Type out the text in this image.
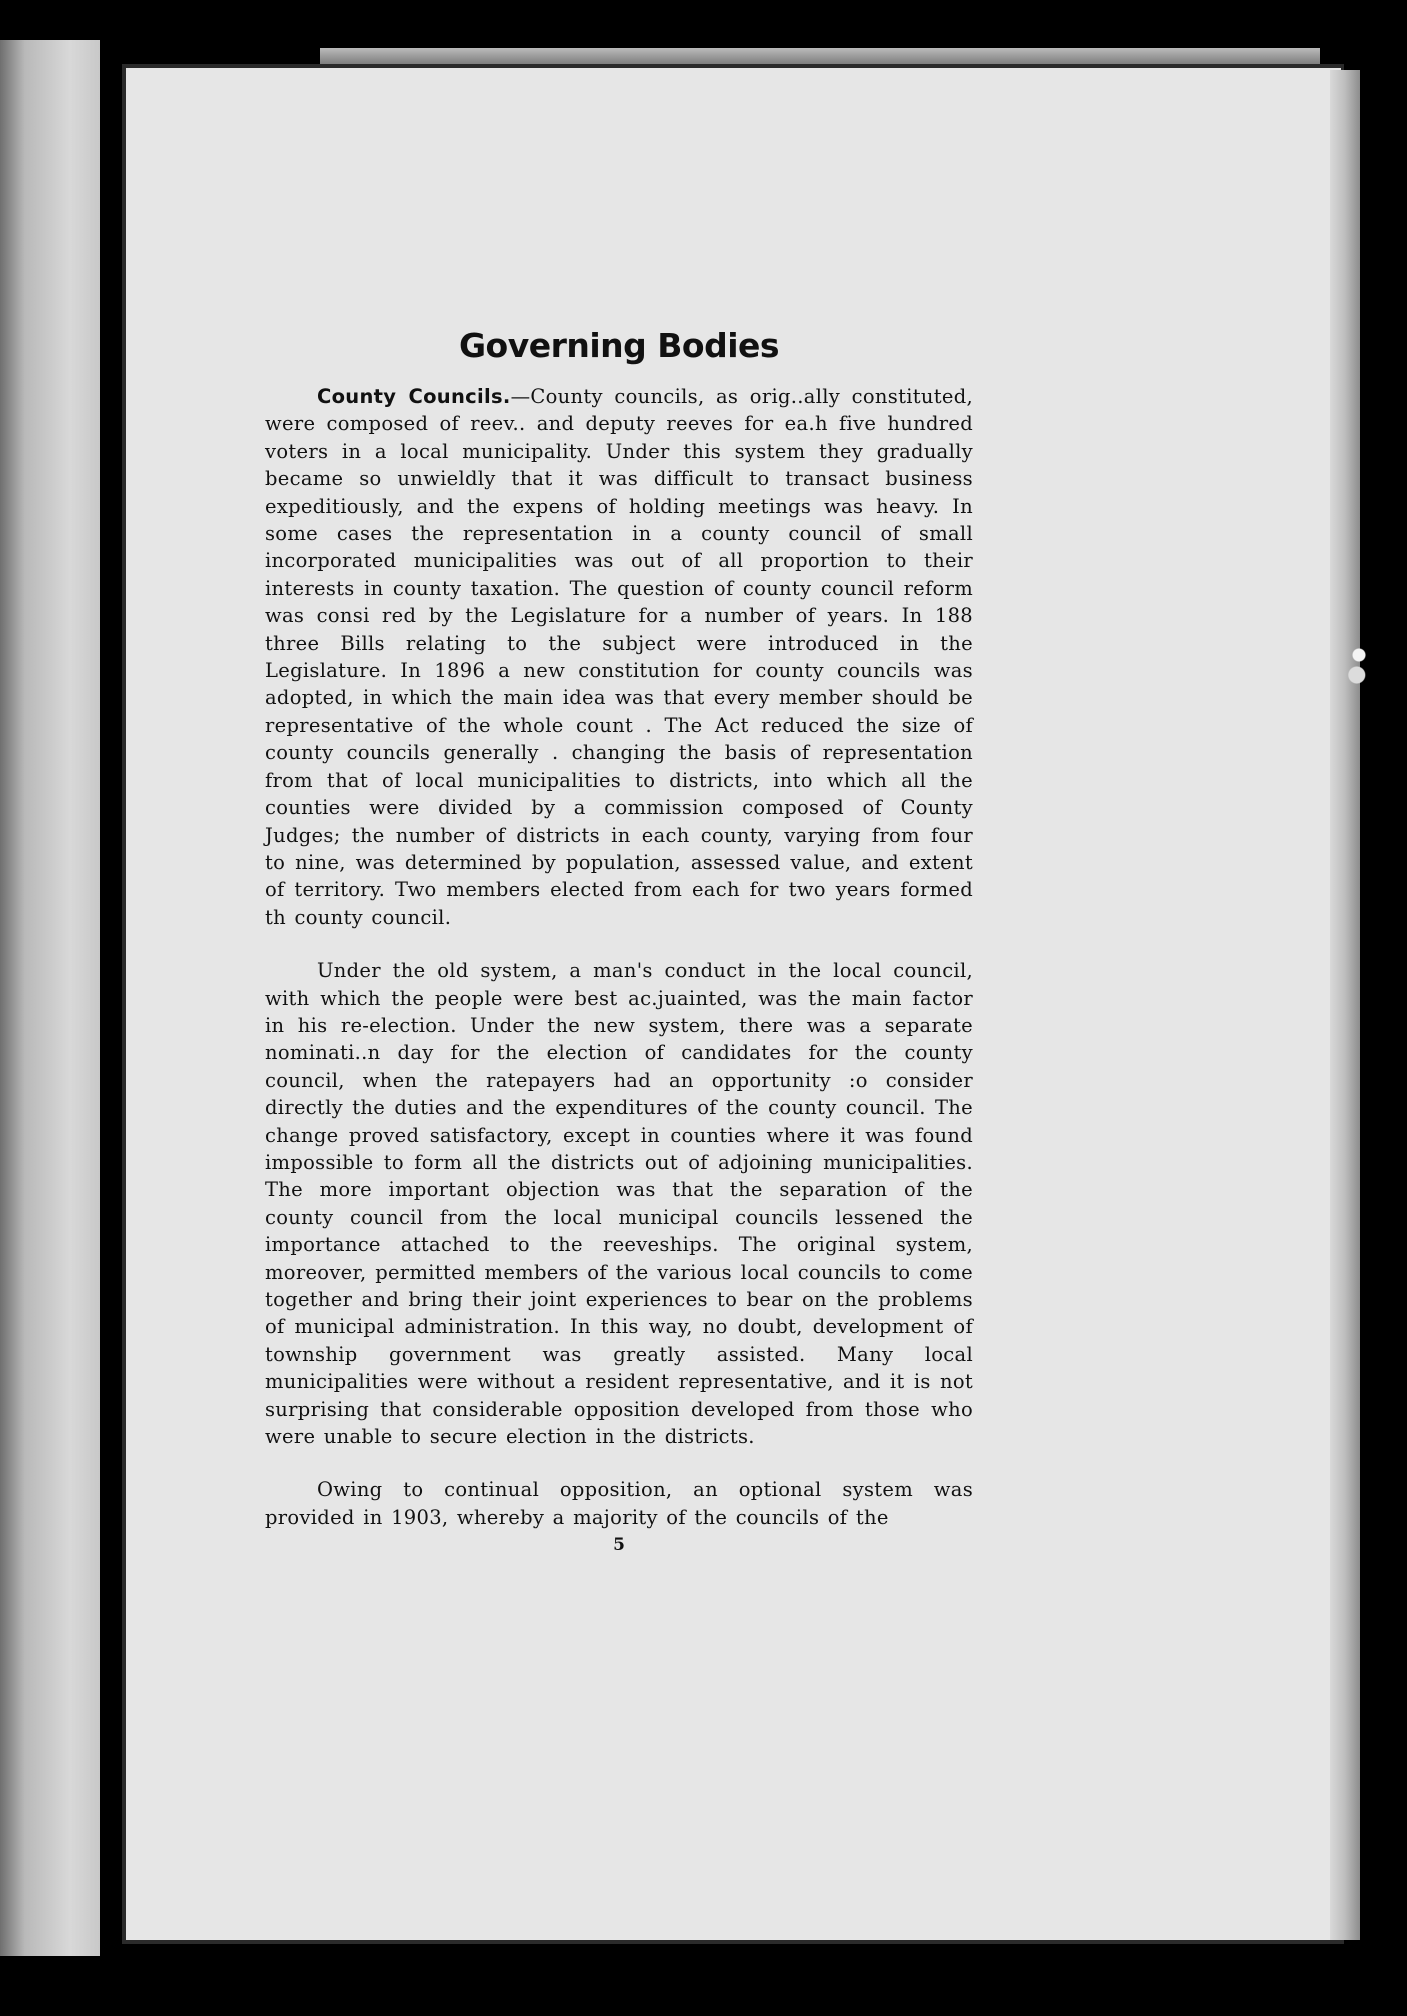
Governing Bodies

County Councils.—County councils, as orig..ally constituted, were composed of reev.. and deputy reeves for ea.h five hundred voters in a local municipality. Under this system they gradually became so unwieldly that it was difficult to transact business expeditiously, and the expens of holding meetings was heavy. In some cases the representation in a county council of small incorporated municipalities was out of all proportion to their interests in county taxation. The question of county council reform was consi red by the Legislature for a number of years. In 188 three Bills relating to the subject were introduced in the Legislature. In 1896 a new constitution for county councils was adopted, in which the main idea was that every member should be representative of the whole count . The Act reduced the size of county councils generally . changing the basis of representation from that of local municipalities to districts, into which all the counties were divided by a commission composed of County Judges; the number of districts in each county, varying from four to nine, was determined by population, assessed value, and extent of territory. Two members elected from each for two years formed th county council.

Under the old system, a man's conduct in the local council, with which the people were best ac.juainted, was the main factor in his re-election. Under the new system, there was a separate nominati..n day for the election of candidates for the county council, when the ratepayers had an opportunity :o consider directly the duties and the expenditures of the county council. The change proved satisfactory, except in counties where it was found impossible to form all the districts out of adjoining municipalities. The more important objection was that the separation of the county council from the local municipal councils lessened the importance attached to the reeveships. The original system, moreover, permitted members of the various local councils to come together and bring their joint experiences to bear on the problems of municipal administration. In this way, no doubt, development of township government was greatly assisted. Many local municipalities were without a resident representative, and it is not surprising that considerable opposition developed from those who were unable to secure election in the districts.

Owing to continual opposition, an optional system was provided in 1903, whereby a majority of the councils of the

5
